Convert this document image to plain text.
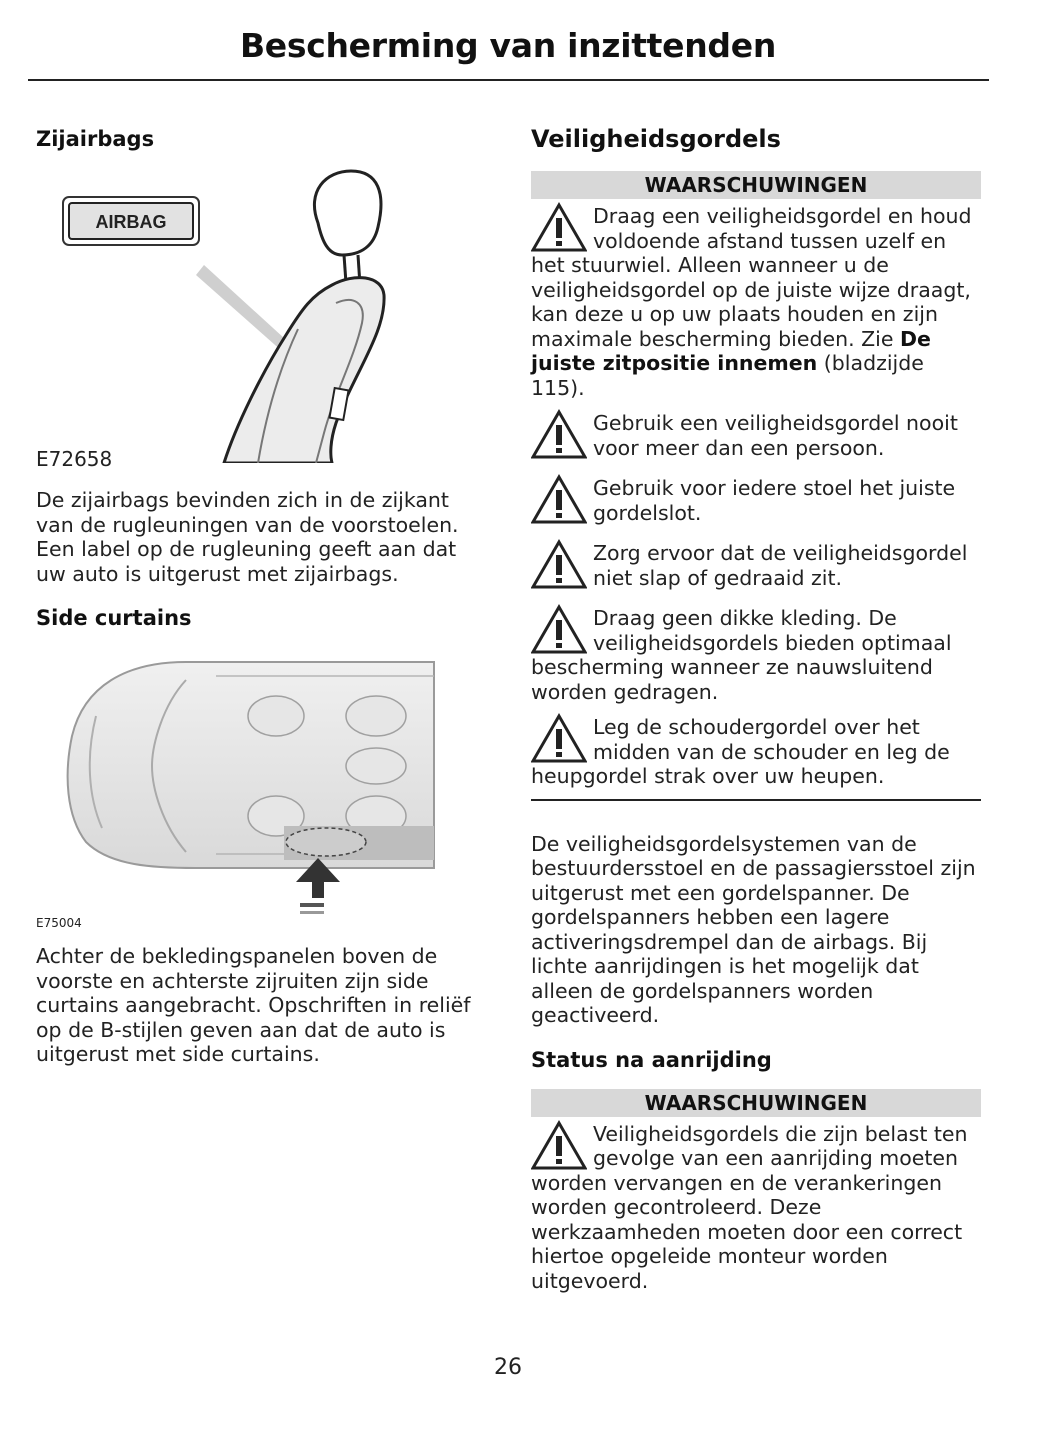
Bescherming van inzittenden
Zijairbags
AIRBAG
E72658
De zijairbags bevinden zich in de zijkant van de rugleuningen van de voorstoelen. Een label op de rugleuning geeft aan dat uw auto is uitgerust met zijairbags.
Side curtains
E75004
Achter de bekledingspanelen boven de voorste en achterste zijruiten zijn side curtains aangebracht. Opschriften in reliëf op de B-stijlen geven aan dat de auto is uitgerust met side curtains.
Veiligheidsgordels
WAARSCHUWINGEN
Draag een veiligheidsgordel en houd voldoende afstand tussen uzelf en het stuurwiel. Alleen wanneer u de veiligheidsgordel op de juiste wijze draagt, kan deze u op uw plaats houden en zijn maximale bescherming bieden. Zie De juiste zitpositie innemen (bladzijde 115).
Gebruik een veiligheidsgordel nooit voor meer dan een persoon.
Gebruik voor iedere stoel het juiste gordelslot.
Zorg ervoor dat de veiligheidsgordel niet slap of gedraaid zit.
Draag geen dikke kleding. De veiligheidsgordels bieden optimaal bescherming wanneer ze nauwsluitend worden gedragen.
Leg de schoudergordel over het midden van de schouder en leg de heupgordel strak over uw heupen.
De veiligheidsgordelsystemen van de bestuurdersstoel en de passagiersstoel zijn uitgerust met een gordelspanner. De gordelspanners hebben een lagere activeringsdrempel dan de airbags. Bij lichte aanrijdingen is het mogelijk dat alleen de gordelspanners worden geactiveerd.
Status na aanrijding
WAARSCHUWINGEN
Veiligheidsgordels die zijn belast ten gevolge van een aanrijding moeten worden vervangen en de verankeringen worden gecontroleerd. Deze werkzaamheden moeten door een correct hiertoe opgeleide monteur worden uitgevoerd.
26
